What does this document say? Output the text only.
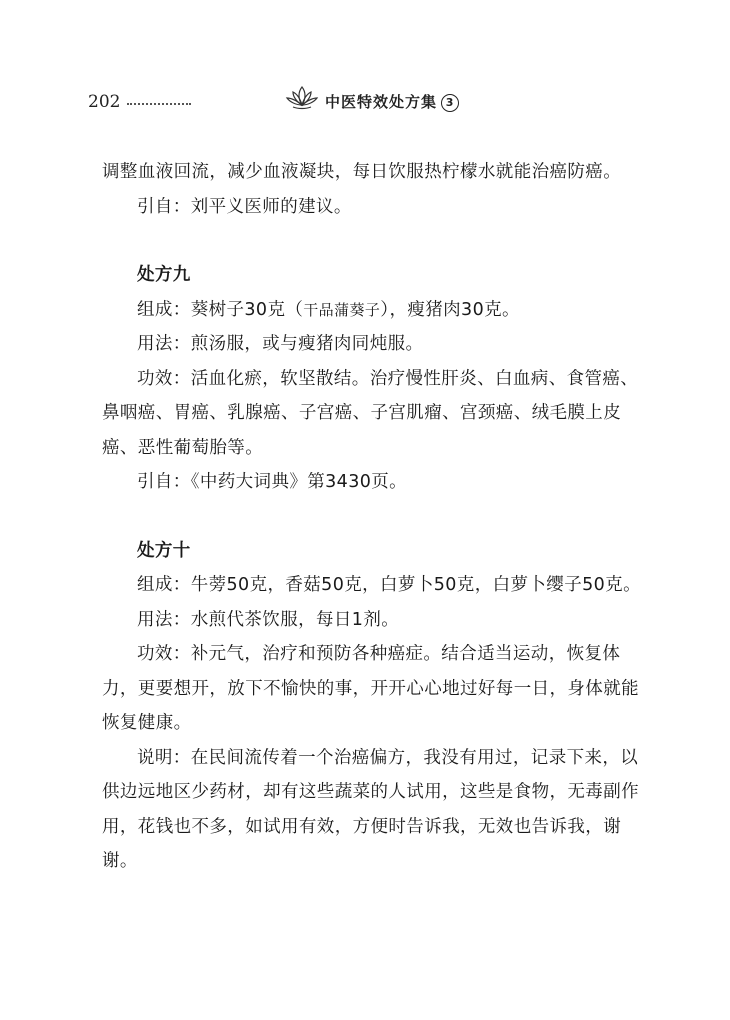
202	中医特效处方集 3

调整血液回流，减少血液凝块，每日饮服热柠檬水就能治癌防癌。

引自：刘平义医师的建议。

处方九

组成：葵树子30克（干品蒲葵子），瘦猪肉30克。

用法：煎汤服，或与瘦猪肉同炖服。

功效：活血化瘀，软坚散结。治疗慢性肝炎、白血病、食管癌、鼻咽癌、胃癌、乳腺癌、子宫癌、子宫肌瘤、宫颈癌、绒毛膜上皮癌、恶性葡萄胎等。

引自：《中药大词典》第3430页。

处方十

组成：牛蒡50克，香菇50克，白萝卜50克，白萝卜缨子50克。

用法：水煎代茶饮服，每日1剂。

功效：补元气，治疗和预防各种癌症。结合适当运动，恢复体力，更要想开，放下不愉快的事，开开心心地过好每一日，身体就能恢复健康。

说明：在民间流传着一个治癌偏方，我没有用过，记录下来，以供边远地区少药材，却有这些蔬菜的人试用，这些是食物，无毒副作用，花钱也不多，如试用有效，方便时告诉我，无效也告诉我，谢谢。
